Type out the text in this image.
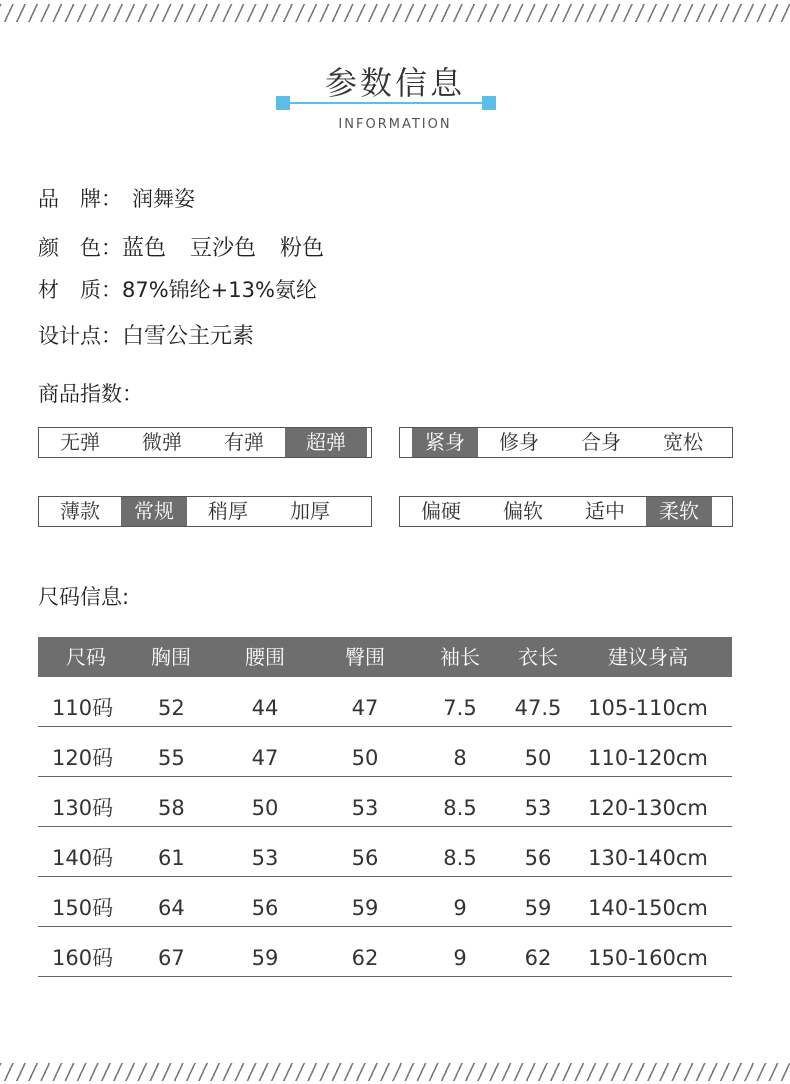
参数信息
INFORMATION
品　牌： 润舞姿
颜　色：蓝色 豆沙色 粉色
材　质：87%锦纶+13%氨纶
设计点：白雪公主元素
商品指数：
无弹	微弹	有弹	超弹	紧身	修身	合身	宽松
薄款	常规	稍厚	加厚	偏硬	偏软	适中	柔软
尺码信息:
尺码	胸围	腰围	臀围	袖长	衣长	建议身高
110码	52	44	47	7.5	47.5	105-110cm
120码	55	47	50	8	50	110-120cm
130码	58	50	53	8.5	53	120-130cm
140码	61	53	56	8.5	56	130-140cm
150码	64	56	59	9	59	140-150cm
160码	67	59	62	9	62	150-160cm
